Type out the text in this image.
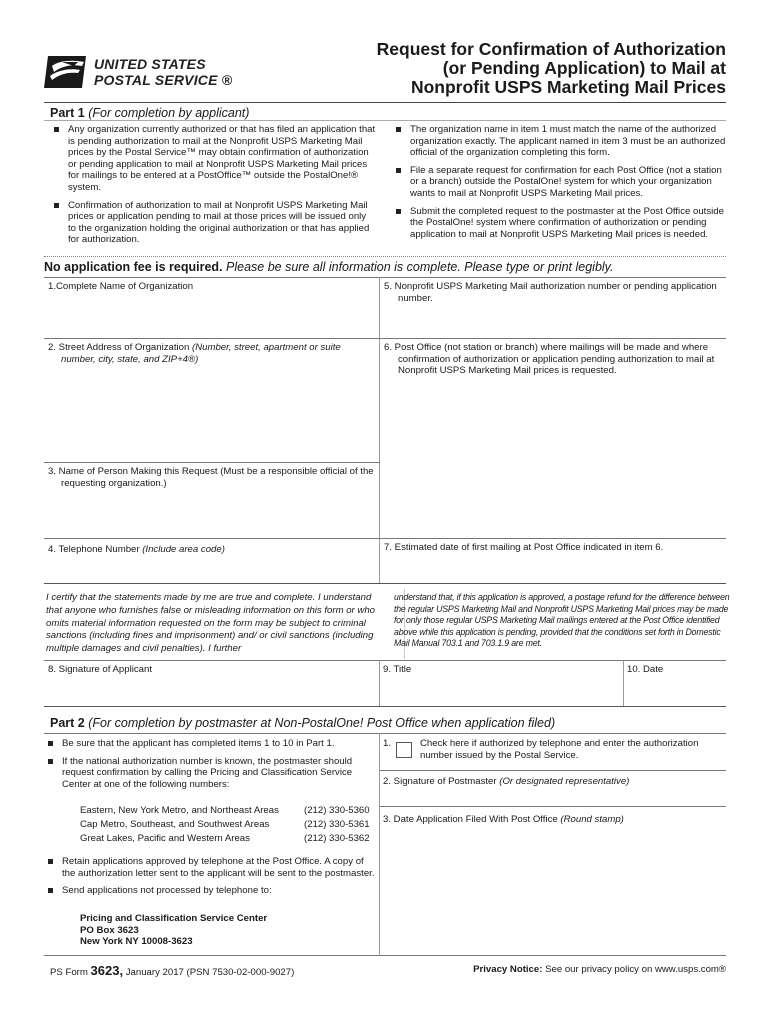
UNITED STATES
POSTAL SERVICE ®
Request for Confirmation of Authorization
(or Pending Application) to Mail at
Nonprofit USPS Marketing Mail Prices
Part 1 (For completion by applicant)
Any organization currently authorized or that has filed an application that is pending authorization to mail at the Nonprofit USPS Marketing Mail prices by the Postal Service™ may obtain confirmation of authorization or pending application to mail at Nonprofit USPS Marketing Mail prices for mailings to be entered at a PostOffice™ outside the PostalOne!® system.
Confirmation of authorization to mail at Nonprofit USPS Marketing Mail prices or application pending to mail at those prices will be issued only to the organization holding the original authorization or that has applied for authorization.
The organization name in item 1 must match the name of the authorized organization exactly. The applicant named in item 3 must be an authorized official of the organization completing this form.
File a separate request for confirmation for each Post Office (not a station or a branch) outside the PostalOne! system for which your organization wants to mail at Nonprofit USPS Marketing Mail prices.
Submit the completed request to the postmaster at the Post Office outside the PostalOne! system where confirmation of authorization or pending application to mail at Nonprofit USPS Marketing Mail prices is needed.
No application fee is required. Please be sure all information is complete. Please type or print legibly.
1.Complete Name of Organization	5. Nonprofit USPS Marketing Mail authorization number or pending application number.
2. Street Address of Organization (Number, street, apartment or suite number, city, state, and ZIP+4®)
6. Post Office (not station or branch) where mailings will be made and where confirmation of authorization or application pending authorization to mail at Nonprofit USPS Marketing Mail prices is requested.
3. Name of Person Making this Request (Must be a responsible official of the requesting organization.)
4. Telephone Number (Include area code)	7. Estimated date of first mailing at Post Office indicated in item 6.
I certify that the statements made by me are true and complete. I understand that anyone who furnishes false or misleading information on this form or who omits material information requested on the form may be subject to criminal sanctions (including fines and imprisonment) and/ or civil sanctions (including multiple damages and civil penalties). I further
understand that, if this application is approved, a postage refund for the difference between the regular USPS Marketing Mail and Nonprofit USPS Marketing Mail prices may be made for only those regular USPS Marketing Mail mailings entered at the Post Office identified above while this application is pending, provided that the conditions set forth in Domestic Mail Manual 703.1 and 703.1.9 are met.
8. Signature of Applicant	9. Title	10. Date
Part 2 (For completion by postmaster at Non-PostalOne! Post Office when application filed)
Be sure that the applicant has completed items 1 to 10 in Part 1.
If the national authorization number is known, the postmaster should request confirmation by calling the Pricing and Classification Service Center at one of the following numbers:
Eastern, New York Metro, and Northeast Areas	(212) 330-5360
Cap Metro, Southeast, and Southwest Areas	(212) 330-5361
Great Lakes, Pacific and Western Areas	(212) 330-5362
Retain applications approved by telephone at the Post Office. A copy of the authorization letter sent to the applicant will be sent to the postmaster.
Send applications not processed by telephone to:
Pricing and Classification Service Center
PO Box 3623
New York NY 10008-3623
1.	Check here if authorized by telephone and enter the authorization number issued by the Postal Service.
2. Signature of Postmaster (Or designated representative)
3. Date Application Filed With Post Office (Round stamp)
PS Form 3623, January 2017 (PSN 7530-02-000-9027)	Privacy Notice: See our privacy policy on www.usps.com®
